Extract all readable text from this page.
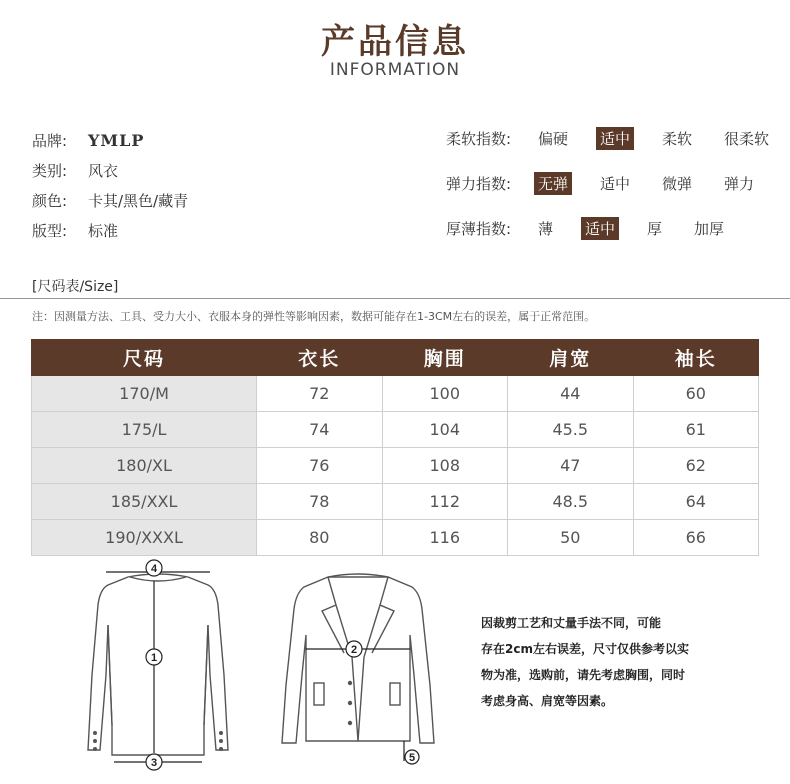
产品信息
INFORMATION
品牌:	YMLP
类别:	风衣
颜色:	卡其/黑色/藏青
版型:	标准
柔软指数:	偏硬 适中 柔软 很柔软
弹力指数:	无弹 适中 微弹 弹力
厚薄指数:	薄 适中 厚 加厚
[尺码表/Size]
注：因测量方法、工具、受力大小、衣服本身的弹性等影响因素，数据可能存在1-3CM左右的误差，属于正常范围。
尺码	衣长	胸围	肩宽	袖长
170/M	72	100	44	60
175/L	74	104	45.5	61
180/XL	76	108	47	62
185/XXL	78	112	48.5	64
190/XXXL	80	116	50	66
4
1
3
2
5
因裁剪工艺和丈量手法不同，可能
存在2cm左右误差，尺寸仅供参考以实
物为准，选购前，请先考虑胸围，同时
考虑身高、肩宽等因素。
